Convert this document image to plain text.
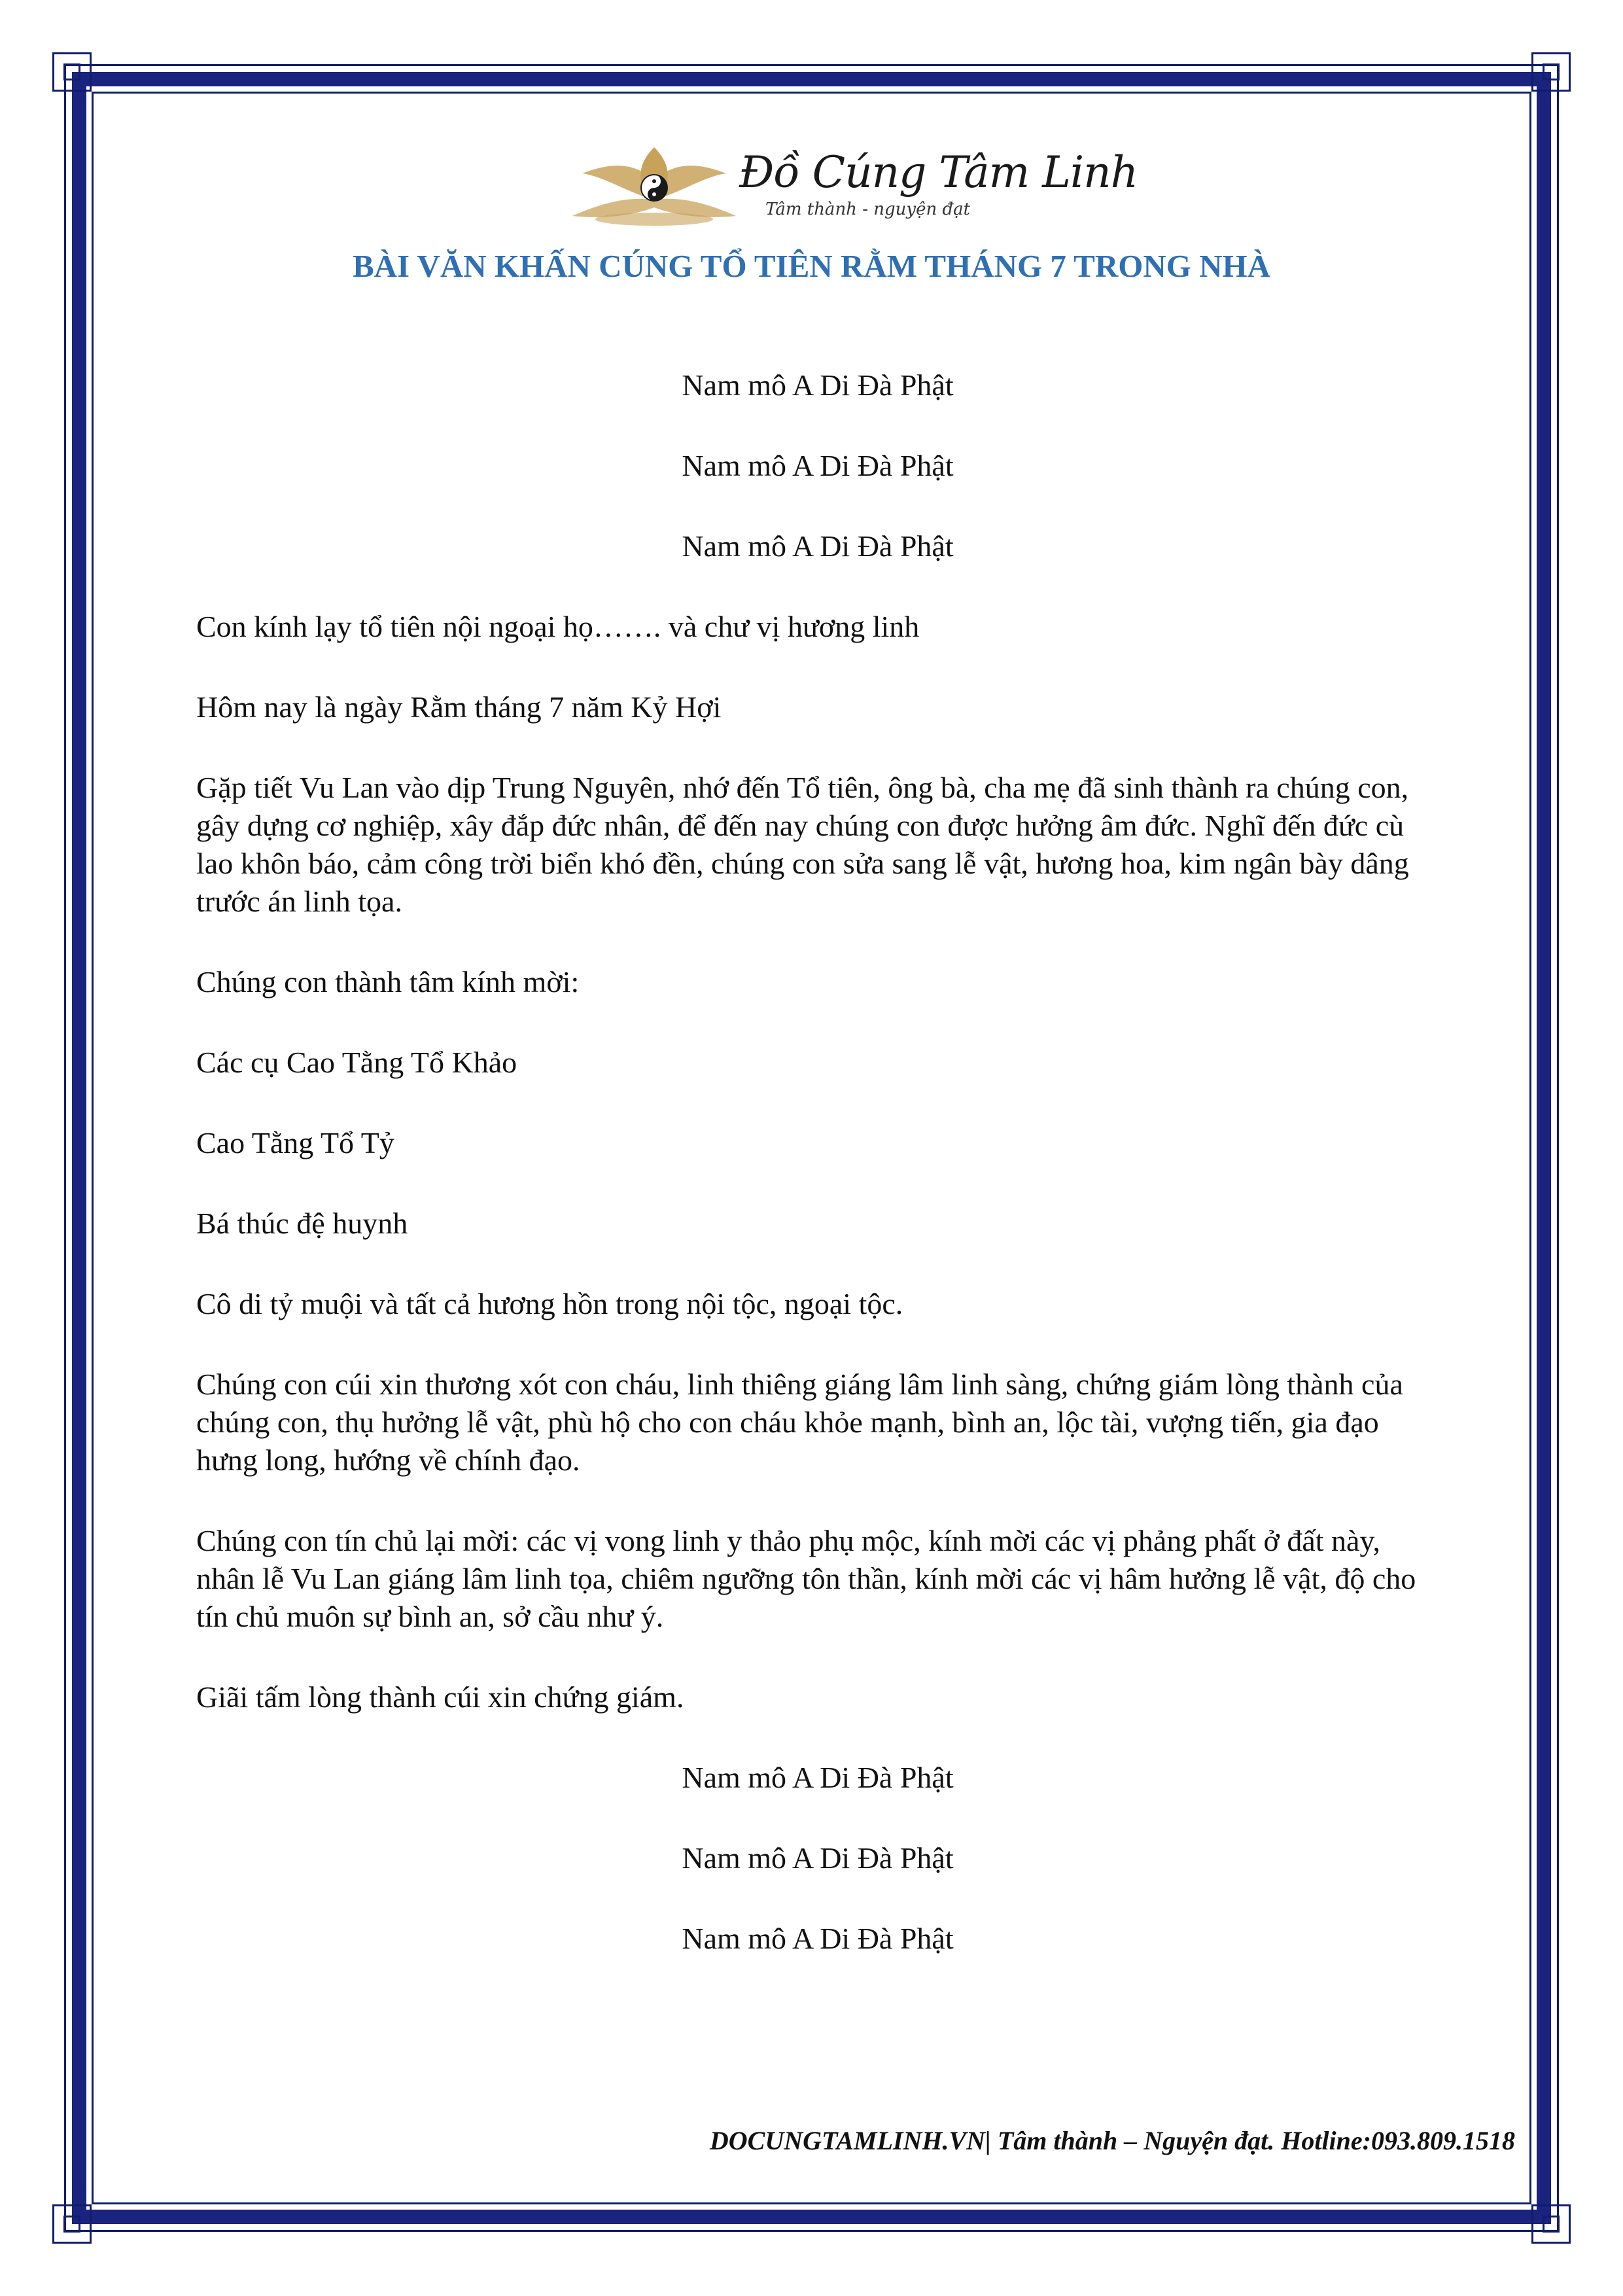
Đồ Cúng Tâm Linh
Tâm thành - nguyện đạt
BÀI VĂN KHẤN CÚNG TỔ TIÊN RẰM THÁNG 7 TRONG NHÀ

Nam mô A Di Đà Phật

Nam mô A Di Đà Phật

Nam mô A Di Đà Phật

Con kính lạy tổ tiên nội ngoại họ……. và chư vị hương linh

Hôm nay là ngày Rằm tháng 7 năm Kỷ Hợi

Gặp tiết Vu Lan vào dịp Trung Nguyên, nhớ đến Tổ tiên, ông bà, cha mẹ đã sinh thành ra chúng con, gây dựng cơ nghiệp, xây đắp đức nhân, để đến nay chúng con được hưởng âm đức. Nghĩ đến đức cù lao khôn báo, cảm công trời biển khó đền, chúng con sửa sang lễ vật, hương hoa, kim ngân bày dâng trước án linh tọa.

Chúng con thành tâm kính mời:

Các cụ Cao Tằng Tổ Khảo

Cao Tằng Tổ Tỷ

Bá thúc đệ huynh

Cô di tỷ muội và tất cả hương hồn trong nội tộc, ngoại tộc.

Chúng con cúi xin thương xót con cháu, linh thiêng giáng lâm linh sàng, chứng giám lòng thành của chúng con, thụ hưởng lễ vật, phù hộ cho con cháu khỏe mạnh, bình an, lộc tài, vượng tiến, gia đạo hưng long, hướng về chính đạo.

Chúng con tín chủ lại mời: các vị vong linh y thảo phụ mộc, kính mời các vị phảng phất ở đất này, nhân lễ Vu Lan giáng lâm linh tọa, chiêm ngưỡng tôn thần, kính mời các vị hâm hưởng lễ vật, độ cho tín chủ muôn sự bình an, sở cầu như ý.

Giãi tấm lòng thành cúi xin chứng giám.

Nam mô A Di Đà Phật

Nam mô A Di Đà Phật

Nam mô A Di Đà Phật

DOCUNGTAMLINH.VN| Tâm thành – Nguyện đạt. Hotline:093.809.1518
